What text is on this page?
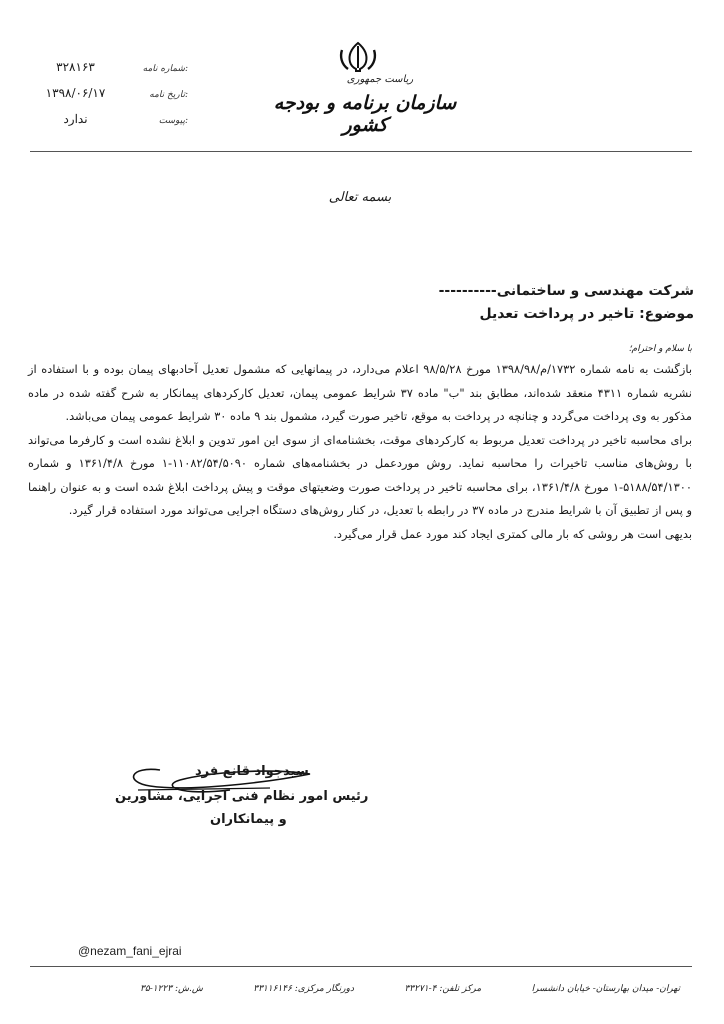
ریاست جمهوری
سازمان برنامه و بودجه کشور
۳۲۸۱۶۳	شماره نامه:
۱۳۹۸/۰۶/۱۷	تاریخ نامه:
ندارد	پیوست:
بسمه تعالی
شرکت مهندسی و ساختمانی----------
موضوع: تاخیر در پرداخت تعدیل
با سلام و احترام؛

بازگشت به نامه شماره ۱۷۳۲/م/۱۳۹۸/۹۸ مورخ ۹۸/۵/۲۸ اعلام می‌دارد، در پیمانهایی که مشمول تعدیل آحادبهای پیمان بوده و با استفاده از نشریه شماره ۴۳۱۱ منعقد شده‌اند، مطابق بند "ب" ماده ۳۷ شرایط عمومی پیمان، تعدیل کارکردهای پیمانکار به شرح گفته شده در ماده مذکور به وی پرداخت می‌گردد و چنانچه در پرداخت به موقع، تاخیر صورت گیرد، مشمول بند ۹ ماده ۳۰ شرایط عمومی پیمان می‌باشد.

برای محاسبه تاخیر در پرداخت تعدیل مربوط به کارکردهای موقت، بخشنامه‌ای از سوی این امور تدوین و ابلاغ نشده است و کارفرما می‌تواند با روش‌های مناسب تاخیرات را محاسبه نماید. روش موردعمل در بخشنامه‌های شماره ۱۱۰۸۲/۵۴/۵۰۹۰-۱ مورخ ۱۳۶۱/۴/۸ و شماره ۵۱۸۸/۵۴/۱۳۰۰-۱ مورخ ۱۳۶۱/۴/۸، برای محاسبه تاخیر در پرداخت صورت وضعیتهای موقت و پیش پرداخت ابلاغ شده است و به عنوان راهنما و پس از تطبیق آن با شرایط مندرج در ماده ۳۷ در رابطه با تعدیل، در کنار روش‌های دستگاه اجرایی می‌تواند مورد استفاده قرار گیرد.

بدیهی است هر روشی که بار مالی کمتری ایجاد کند مورد عمل قرار می‌گیرد.

سیدجواد قانع فرد
رئیس امور نظام فنی اجرایی، مشاورین
و پیمانکاران
@nezam_fani_ejrai
تهران- میدان بهارستان- خیابان دانشسرا
مرکز تلفن: ۴-۳۳۲۷۱
دورنگار مرکزی: ۳۳۱۱۶۱۴۶
ش.ش: ۱۲۲۳-۳۵
